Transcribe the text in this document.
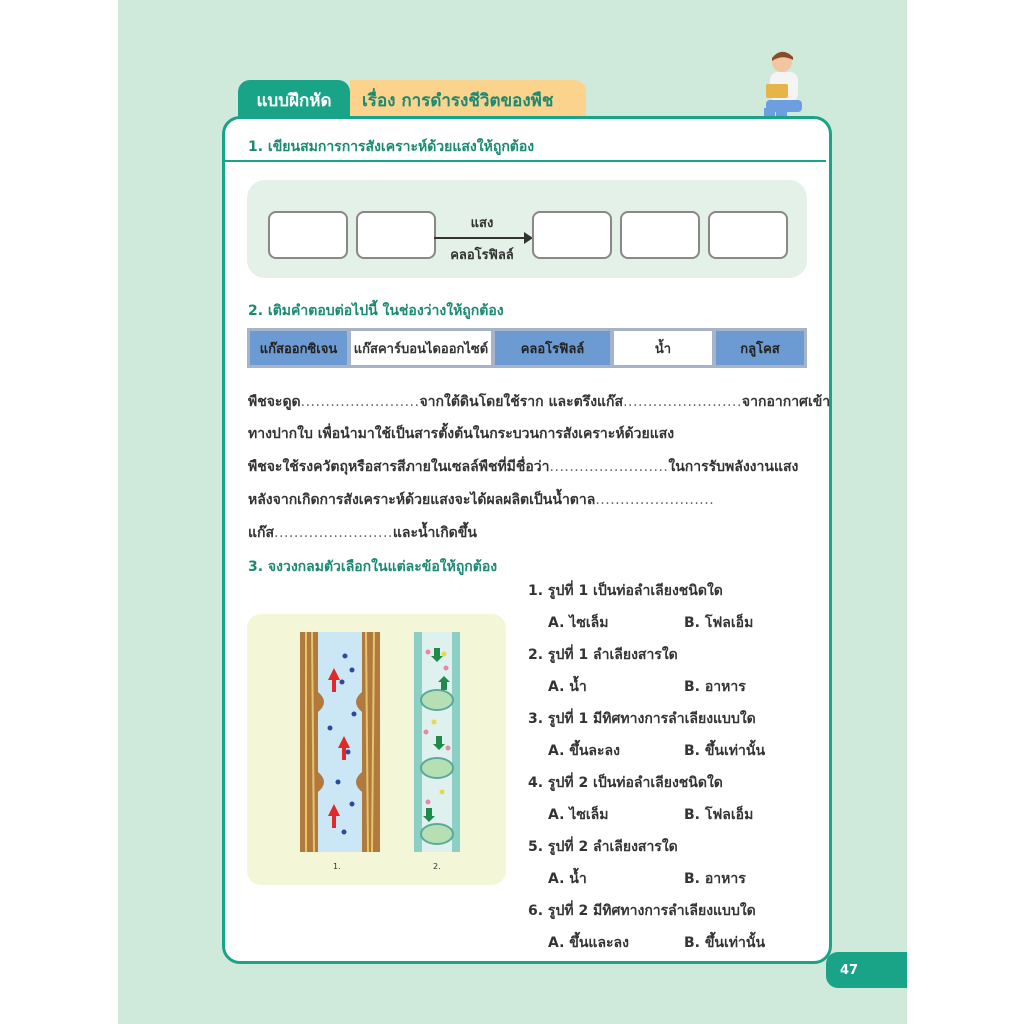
แบบฝึกหัด	เรื่อง การดำรงชีวิตของพืช
1. เขียนสมการการสังเคราะห์ด้วยแสงให้ถูกต้อง
แสง
คลอโรฟิลล์
2. เติมคำตอบต่อไปนี้ ในช่องว่างให้ถูกต้อง
แก๊สออกซิเจน	แก๊สคาร์บอนไดออกไซด์	คลอโรฟิลล์	น้ำ	กลูโคส
พืชจะดูด........................จากใต้ดินโดยใช้ราก และตรึงแก๊ส........................จากอากาศเข้า
ทางปากใบ เพื่อนำมาใช้เป็นสารตั้งต้นในกระบวนการสังเคราะห์ด้วยแสง
พืชจะใช้รงควัตถุหรือสารสีภายในเซลล์พืชที่มีชื่อว่า........................ในการรับพลังงานแสง
หลังจากเกิดการสังเคราะห์ด้วยแสงจะได้ผลผลิตเป็นน้ำตาล........................
แก๊ส........................และน้ำเกิดขึ้น
3. จงวงกลมตัวเลือกในแต่ละข้อให้ถูกต้อง
1.	2.
1. รูปที่ 1 เป็นท่อลำเลียงชนิดใด
A. ไซเล็ม	B. โฟลเอ็ม
2. รูปที่ 1 ลำเลียงสารใด
A. น้ำ	B. อาหาร
3. รูปที่ 1 มีทิศทางการลำเลียงแบบใด
A. ขึ้นละลง	B. ขึ้นเท่านั้น
4. รูปที่ 2 เป็นท่อลำเลียงชนิดใด
A. ไซเล็ม	B. โฟลเอ็ม
5. รูปที่ 2 ลำเลียงสารใด
A. น้ำ	B. อาหาร
6. รูปที่ 2 มีทิศทางการลำเลียงแบบใด
A. ขึ้นและลง	B. ขึ้นเท่านั้น
47
